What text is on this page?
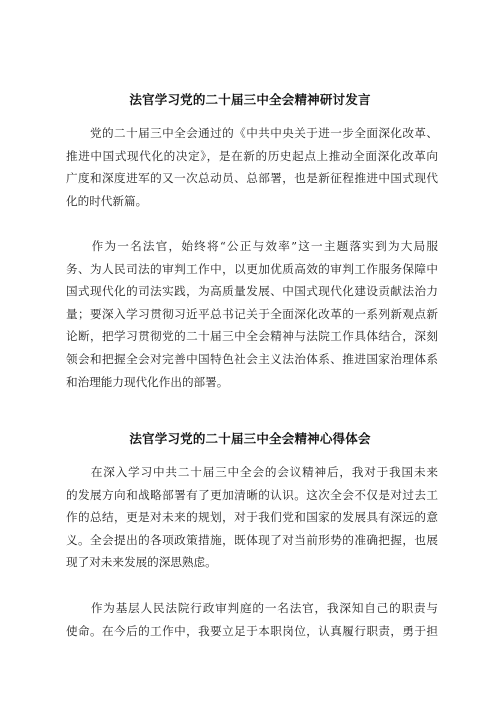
法官学习党的二十届三中全会精神研讨发言

　　党的二十届三中全会通过的《中共中央关于进一步全面深化改革、
推进中国式现代化的决定》，是在新的历史起点上推动全面深化改革向
广度和深度进军的又一次总动员、总部署，也是新征程推进中国式现代
化的时代新篇。

　　作为一名法官，始终将“公正与效率”这一主题落实到为大局服
务、为人民司法的审判工作中，以更加优质高效的审判工作服务保障中
国式现代化的司法实践，为高质量发展、中国式现代化建设贡献法治力
量；要深入学习贯彻习近平总书记关于全面深化改革的一系列新观点新
论断，把学习贯彻党的二十届三中全会精神与法院工作具体结合，深刻
领会和把握全会对完善中国特色社会主义法治体系、推进国家治理体系
和治理能力现代化作出的部署。

法官学习党的二十届三中全会精神心得体会

　　在深入学习中共二十届三中全会的会议精神后，我对于我国未来
的发展方向和战略部署有了更加清晰的认识。这次全会不仅是对过去工
作的总结，更是对未来的规划，对于我们党和国家的发展具有深远的意
义。全会提出的各项政策措施，既体现了对当前形势的准确把握，也展
现了对未来发展的深思熟虑。

　　作为基层人民法院行政审判庭的一名法官，我深知自己的职责与
使命。在今后的工作中，我要立足于本职岗位，认真履行职责，勇于担
